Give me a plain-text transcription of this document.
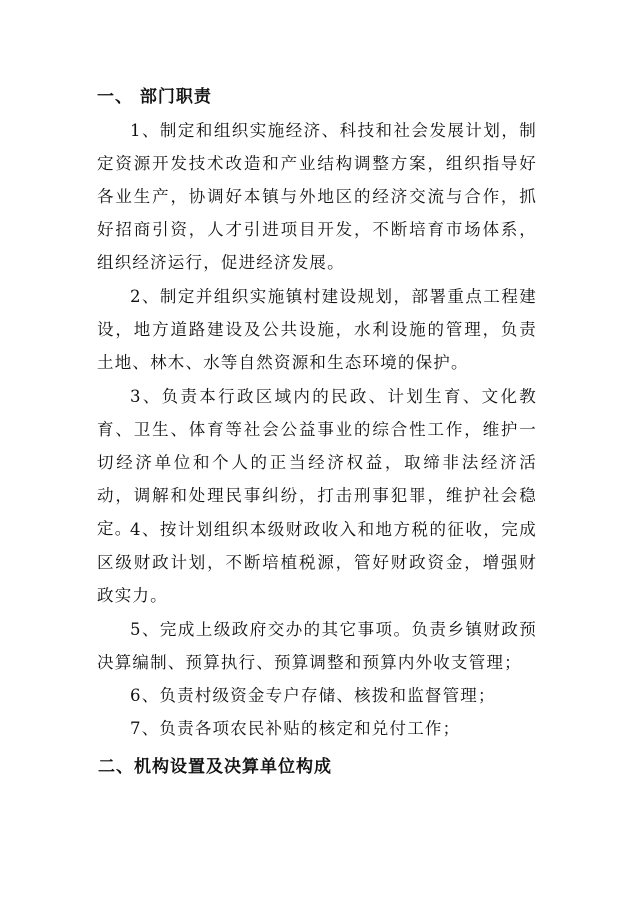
一、 部门职责
1、制定和组织实施经济、科技和社会发展计划，制定资源开发技术改造和产业结构调整方案，组织指导好各业生产，协调好本镇与外地区的经济交流与合作，抓好招商引资，人才引进项目开发，不断培育市场体系，组织经济运行，促进经济发展。
2、制定并组织实施镇村建设规划，部署重点工程建设，地方道路建设及公共设施，水利设施的管理，负责土地、林木、水等自然资源和生态环境的保护。
3、负责本行政区域内的民政、计划生育、文化教育、卫生、体育等社会公益事业的综合性工作，维护一切经济单位和个人的正当经济权益，取缔非法经济活动，调解和处理民事纠纷，打击刑事犯罪，维护社会稳定。
4、按计划组织本级财政收入和地方税的征收，完成区级财政计划，不断培植税源，管好财政资金，增强财政实力。
5、完成上级政府交办的其它事项。负责乡镇财政预决算编制、预算执行、预算调整和预算内外收支管理；
6、负责村级资金专户存储、核拨和监督管理；
7、负责各项农民补贴的核定和兑付工作；
二、机构设置及决算单位构成
